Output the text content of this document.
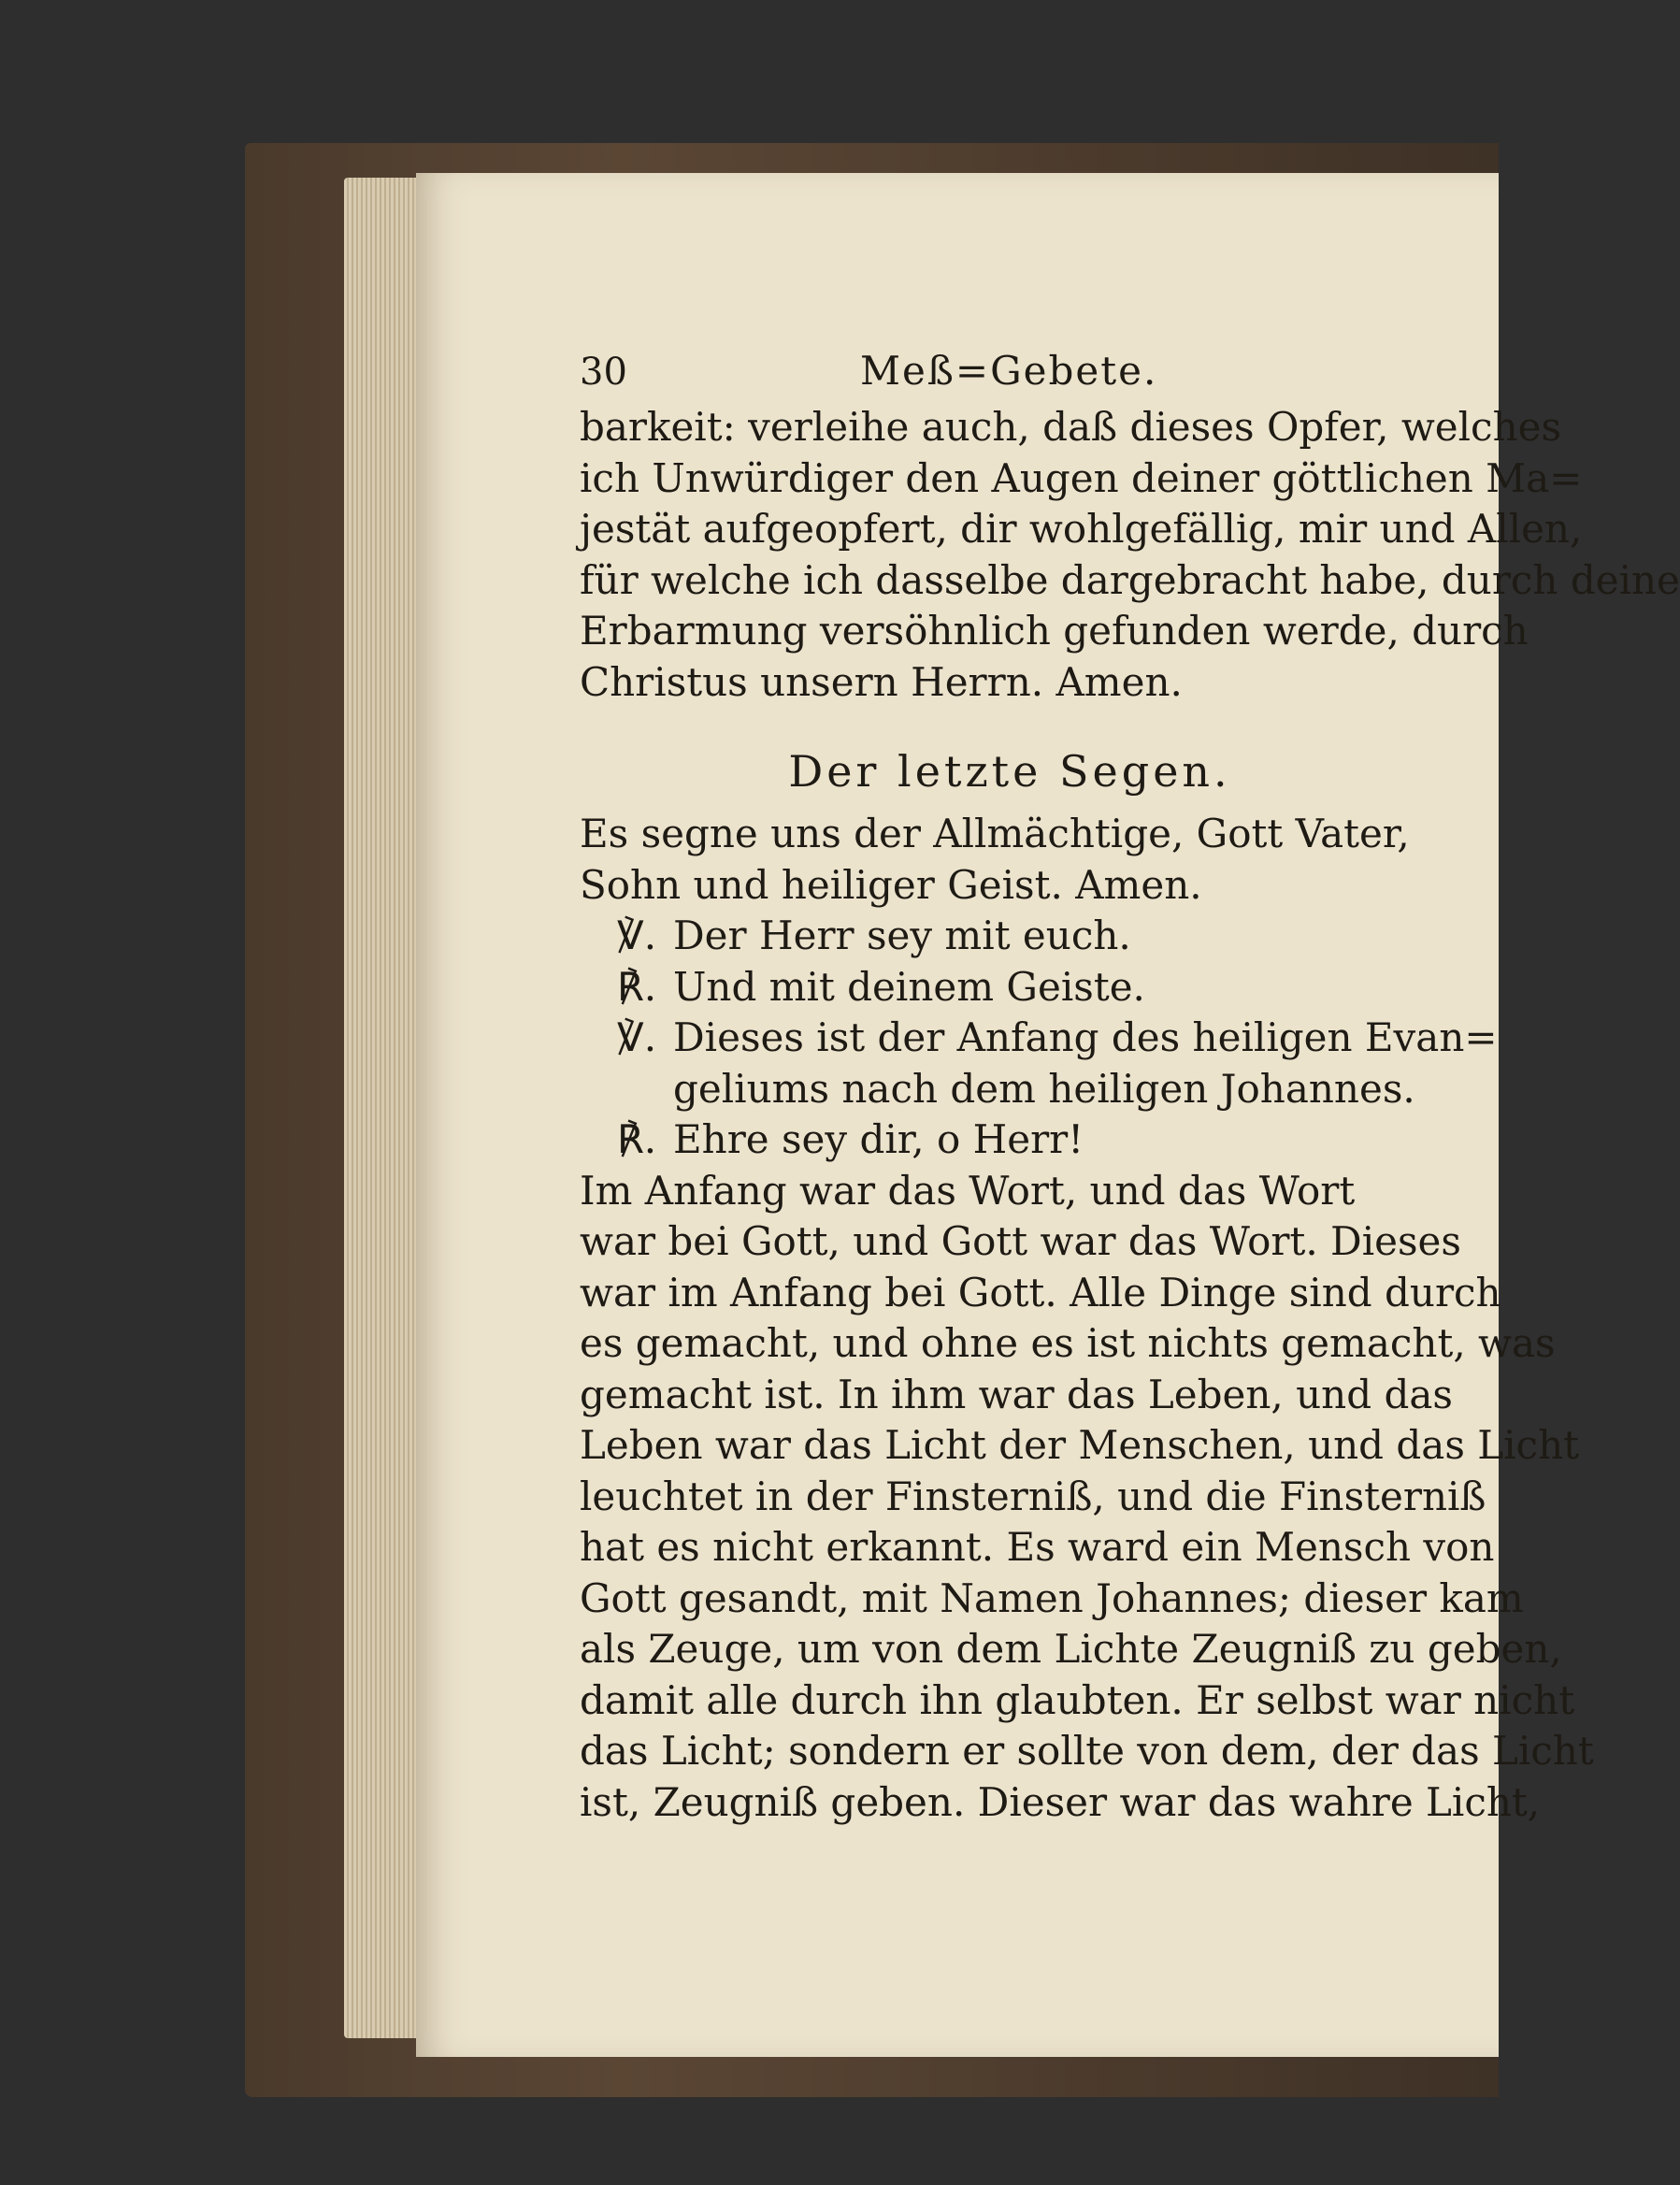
30	Meß=Gebete.
barkeit: verleihe auch, daß dieses Opfer, welches
ich Unwürdiger den Augen deiner göttlichen Ma=
jestät aufgeopfert, dir wohlgefällig, mir und Allen,
für welche ich dasselbe dargebracht habe, durch deine
Erbarmung versöhnlich gefunden werde, durch
Christus unsern Herrn. Amen.
Der letzte Segen.
Es segne uns der Allmächtige, Gott Vater,
Sohn und heiliger Geist. Amen.
℣. Der Herr sey mit euch.
℟. Und mit deinem Geiste.
℣. Dieses ist der Anfang des heiligen Evan=
geliums nach dem heiligen Johannes.
℟. Ehre sey dir, o Herr!
Im Anfang war das Wort, und das Wort
war bei Gott, und Gott war das Wort. Dieses
war im Anfang bei Gott. Alle Dinge sind durch
es gemacht, und ohne es ist nichts gemacht, was
gemacht ist. In ihm war das Leben, und das
Leben war das Licht der Menschen, und das Licht
leuchtet in der Finsterniß, und die Finsterniß
hat es nicht erkannt. Es ward ein Mensch von
Gott gesandt, mit Namen Johannes; dieser kam
als Zeuge, um von dem Lichte Zeugniß zu geben,
damit alle durch ihn glaubten. Er selbst war nicht
das Licht; sondern er sollte von dem, der das Licht
ist, Zeugniß geben. Dieser war das wahre Licht,
